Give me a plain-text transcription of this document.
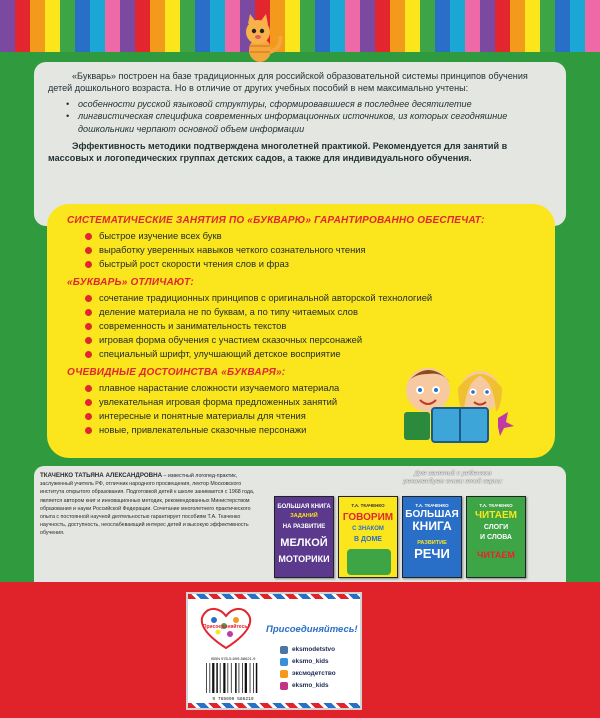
«Букварь» построен на базе традиционных для российской образовательной системы принципов обучения детей дошкольного возраста. Но в отличие от других учебных пособий в нем максимально учтены:

• особенности русской языковой структуры, сформировавшиеся в последнее десятилетие
• лингвистическая специфика современных информационных источников, из которых сегодняшние дошкольники черпают основной объем информации

Эффективность методики подтверждена многолетней практикой. Рекомендуется для занятий в массовых и логопедических группах детских садов, а также для индивидуального обучения.

СИСТЕМАТИЧЕСКИЕ ЗАНЯТИЯ ПО «БУКВАРЮ» ГАРАНТИРОВАННО ОБЕСПЕЧАТ:
быстрое изучение всех букв
выработку уверенных навыков четкого сознательного чтения
быстрый рост скорости чтения слов и фраз
«БУКВАРЬ» ОТЛИЧАЮТ:
сочетание традиционных принципов с оригинальной авторской технологией
деление материала не по буквам, а по типу читаемых слов
современность и занимательность текстов
игровая форма обучения с участием сказочных персонажей
специальный шрифт, улучшающий детское восприятие
ОЧЕВИДНЫЕ ДОСТОИНСТВА «БУКВАРЯ»:
плавное нарастание сложности изучаемого материала
увлекательная игровая форма предложенных занятий
интересные и понятные материалы для чтения
новые, привлекательные сказочные персонажи
ТКАЧЕНКО ТАТЬЯНА АЛЕКСАНДРОВНА – известный логопед-практик, заслуженный учитель РФ, отличник народного просвещения, лектор Московского института открытого образования. Подготовкой детей к школе занимается с 1968 года, является автором книг и инновационных методик, рекомендованных Министерством образования и науки Российской Федерации. Сочетание многолетнего практического опыта с постоянной научной деятельностью гарантирует пособиям Т.А. Ткаченко научность, доступность, неослабевающий интерес детей и высокую эффективность обучения.
Для занятий с ребенком
рекомендуем книги этой серии:
БОЛЬШАЯ КНИГА
ЗАДАНИЙ
НА РАЗВИТИЕ
МЕЛКОЙ
МОТОРИКИ
Т.А. ТКАЧЕНКО
ГОВОРИМ
С ЗНАКОМ
В ДОМЕ
Т.А. ТКАЧЕНКО
БОЛЬШАЯ
КНИГА
РАЗВИТИЕ
РЕЧИ
Т.А. ТКАЧЕНКО
ЧИТАЕМ
СЛОГИ
И СЛОВА
ЧИТАЕМ
Присоединяйтесь! Присоединяйтесь!
ISBN 978-5-699-58621-9
9 785699 586219
eksmodetstvo
eksmo_kids
эксмодетство
eksmo_kids
